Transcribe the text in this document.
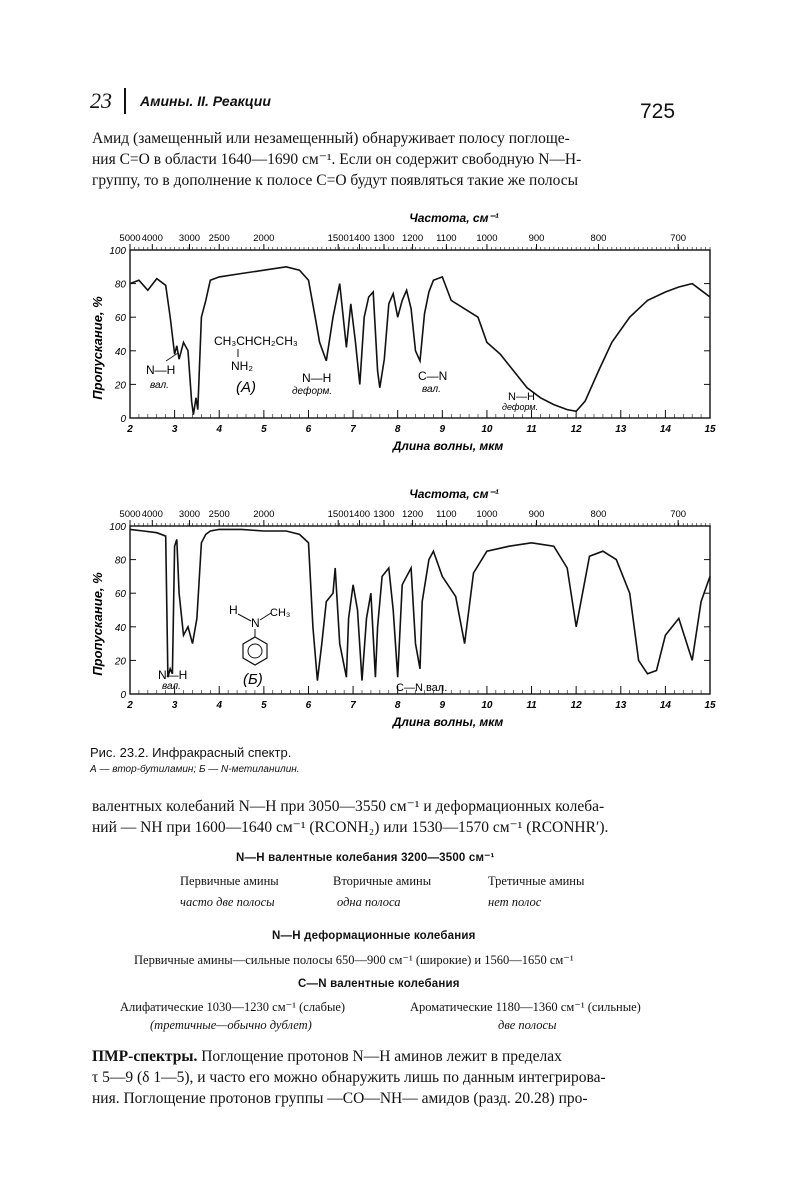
23 Амины. II. Реакции	725
Амид (замещенный или незамещенный) обнаруживает полосу поглоще-
ния C=O в области 1640—1690 см⁻¹. Если он содержит свободную N—H-
группу, то в дополнение к полосе C=O будут появляться такие же полосы
Частота, см⁻¹
5000 4000 3000 2500 2000	1500 1400 1300 1200 1100 1000	900	800	700
0
20
40
60
80
100
2	3	4	5	6	7	8	9	10	11	12	13	14	15
Пропускание, %
Длина волны, мкм
CH₃CHCH₂CH₃
NH₂
(А)
N—H
вал.
N—H
деформ.
C—N
вал.
N—H
деформ.
Частота, см⁻¹
5000 4000 3000 2500 2000	1500 1400 1300 1200 1100 1000	900	800	700
0
20
40
60
80
100
2	3	4	5	6	7	8	9	10	11	12	13	14	15
Пропускание, %
Длина волны, мкм
H
N
CH₃
(Б)
N—H
вал.	C—N вал.
Рис. 23.2. Инфракрасный спектр.
А — втор-бутиламин; Б — N-метиланилин.
валентных колебаний N—H при 3050—3550 см⁻¹ и деформационных колеба-
ний — NH при 1600—1640 см⁻¹ (RCONH₂) или 1530—1570 см⁻¹ (RCONHR′).
N—H валентные колебания 3200—3500 см⁻¹
Первичные амины	Вторичные амины	Третичные амины
часто две полосы	одна полоса	нет полос
N—H деформационные колебания
Первичные амины—сильные полосы 650—900 см⁻¹ (широкие) и 1560—1650 см⁻¹
C—N валентные колебания
Алифатические 1030—1230 см⁻¹ (слабые)	Ароматические 1180—1360 см⁻¹ (сильные)
(третичные—обычно дублет)	две полосы
ПМР-спектры. Поглощение протонов N—H аминов лежит в пределах
τ 5—9 (δ 1—5), и часто его можно обнаружить лишь по данным интегрирова-
ния. Поглощение протонов группы —CO—NH— амидов (разд. 20.28) про-
